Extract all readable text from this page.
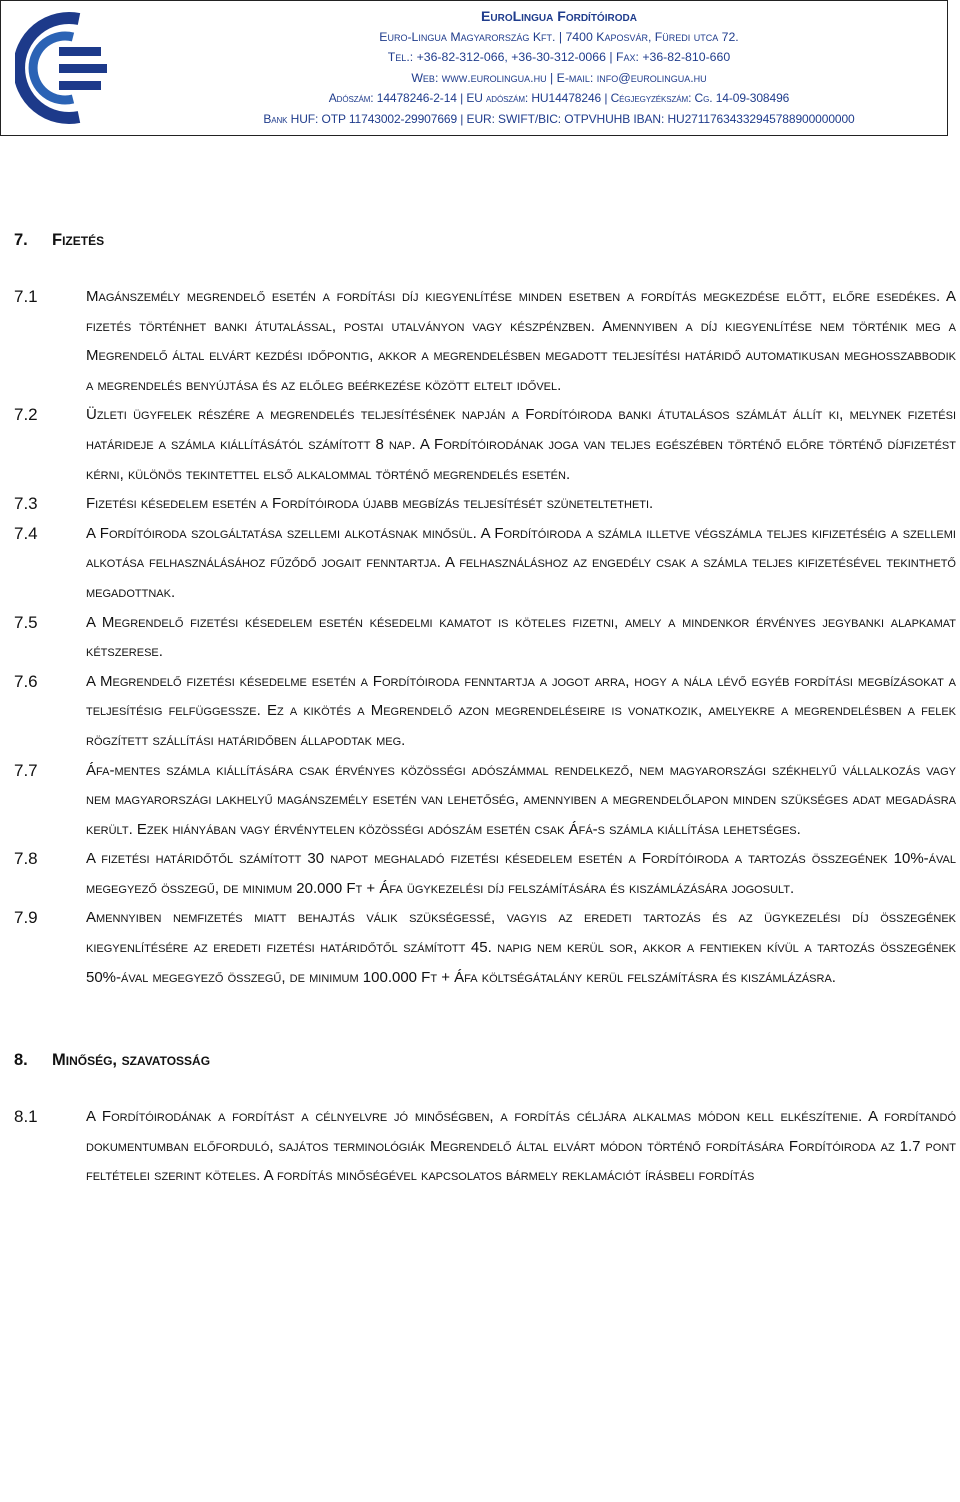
EuroLingua Fordítóiroda
Euro-Lingua Magyarország Kft. | 7400 Kaposvár, Füredi utca 72.
Tel.: +36-82-312-066, +36-30-312-0066 | Fax: +36-82-810-660
Web: www.eurolingua.hu | E-mail: info@eurolingua.hu
Adószám: 14478246-2-14 | EU adószám: HU14478246 | Cégjegyzékszám: Cg. 14-09-308496
Bank HUF: OTP 11743002-29907669 | EUR: SWIFT/BIC: OTPVHUHB IBAN: HU27117634332945788900000000
7. Fizetés
7.1	Magánszemély megrendelő esetén a fordítási díj kiegyenlítése minden esetben a fordítás megkezdése előtt, előre esedékes. A fizetés történhet banki átutalással, postai utalványon vagy készpénzben. Amennyiben a díj kiegyenlítése nem történik meg a Megrendelő által elvárt kezdési időpontig, akkor a megrendelésben megadott teljesítési határidő automatikusan meghosszabbodik a megrendelés benyújtása és az előleg beérkezése között eltelt idővel.
7.2	Üzleti ügyfelek részére a megrendelés teljesítésének napján a Fordítóiroda banki átutalásos számlát állít ki, melynek fizetési határideje a számla kiállításától számított 8 nap. A Fordítóirodának joga van teljes egészében történő előre történő díjfizetést kérni, különös tekintettel első alkalommal történő megrendelés esetén.
7.3	Fizetési késedelem esetén a Fordítóiroda újabb megbízás teljesítését szüneteltetheti.
7.4	A Fordítóiroda szolgáltatása szellemi alkotásnak minősül. A Fordítóiroda a számla illetve végszámla teljes kifizetéséig a szellemi alkotása felhasználásához fűződő jogait fenntartja. A felhasználáshoz az engedély csak a számla teljes kifizetésével tekinthető megadottnak.
7.5	A Megrendelő fizetési késedelem esetén késedelmi kamatot is köteles fizetni, amely a mindenkor érvényes jegybanki alapkamat kétszerese.
7.6	A Megrendelő fizetési késedelme esetén a Fordítóiroda fenntartja a jogot arra, hogy a nála lévő egyéb fordítási megbízásokat a teljesítésig felfüggessze. Ez a kikötés a Megrendelő azon megrendeléseire is vonatkozik, amelyekre a megrendelésben a felek rögzített szállítási határidőben állapodtak meg.
7.7	Áfa-mentes számla kiállítására csak érvényes közösségi adószámmal rendelkező, nem magyarországi székhelyű vállalkozás vagy nem magyarországi lakhelyű magánszemély esetén van lehetőség, amennyiben a megrendelőlapon minden szükséges adat megadásra került. Ezek hiányában vagy érvénytelen közösségi adószám esetén csak Áfá-s számla kiállítása lehetséges.
7.8	A fizetési határidőtől számított 30 napot meghaladó fizetési késedelem esetén a Fordítóiroda a tartozás összegének 10%-ával megegyező összegű, de minimum 20.000 Ft + Áfa ügykezelési díj felszámítására és kiszámlázására jogosult.
7.9	Amennyiben nemfizetés miatt behajtás válik szükségessé, vagyis az eredeti tartozás és az ügykezelési díj összegének kiegyenlítésére az eredeti fizetési határidőtől számított 45. napig nem kerül sor, akkor a fentieken kívül a tartozás összegének 50%-ával megegyező összegű, de minimum 100.000 Ft + Áfa költségátalány kerül felszámításra és kiszámlázásra.
8. Minőség, szavatosság
8.1	A Fordítóirodának a fordítást a célnyelvre jó minőségben, a fordítás céljára alkalmas módon kell elkészítenie. A fordítandó dokumentumban előforduló, sajátos terminológiák Megrendelő által elvárt módon történő fordítására Fordítóiroda az 1.7 pont feltételei szerint köteles. A fordítás minőségével kapcsolatos bármely reklamációt írásbeli fordítás
